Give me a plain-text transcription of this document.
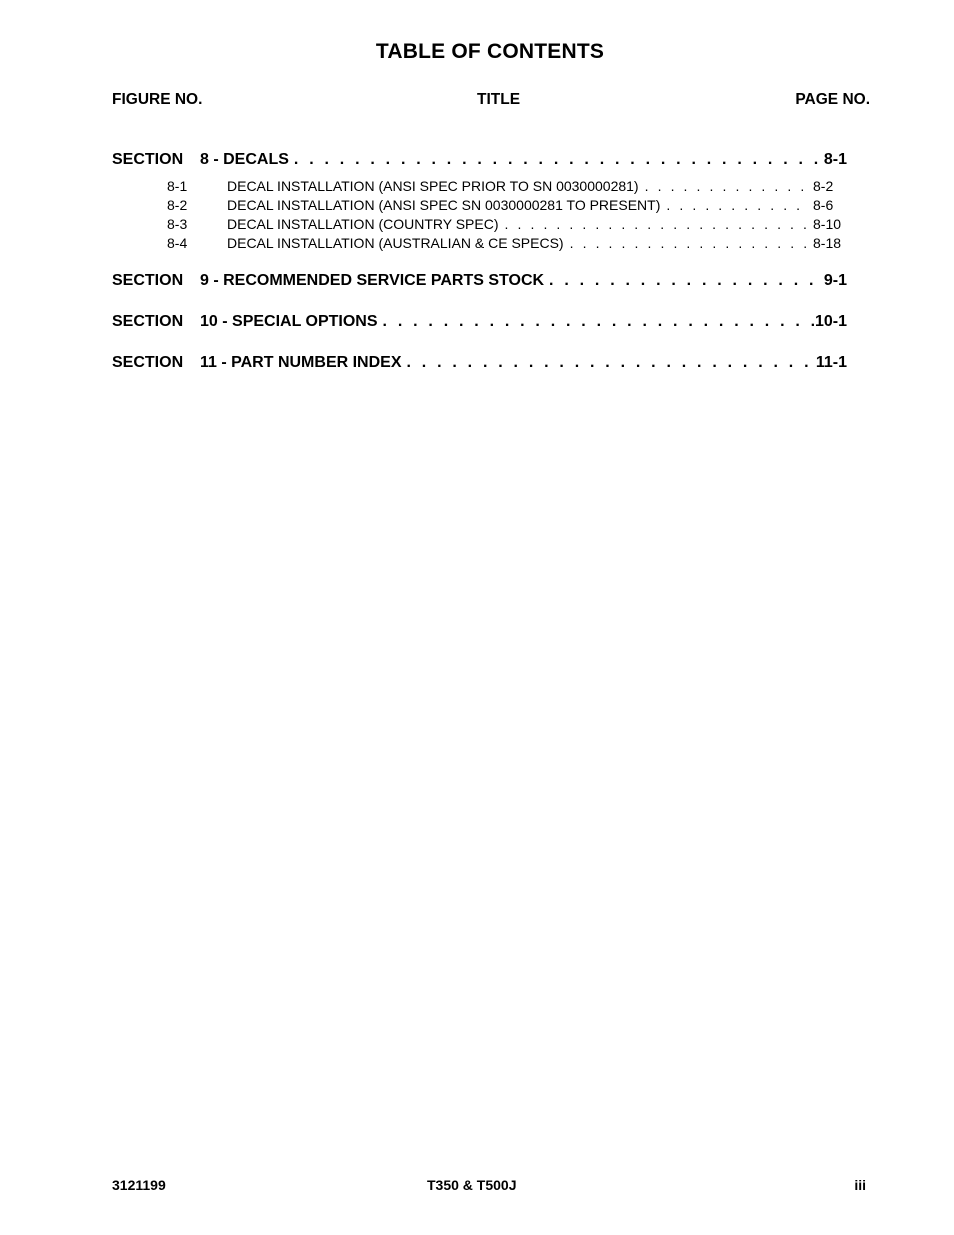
TABLE OF CONTENTS
FIGURE NO.	TITLE	PAGE NO.
SECTION	8 - DECALS . . .	8-1
8-1	DECAL INSTALLATION (ANSI SPEC PRIOR TO SN 0030000281) . . .	8-2
8-2	DECAL INSTALLATION (ANSI SPEC SN 0030000281 TO PRESENT) . . .	8-6
8-3	DECAL INSTALLATION (COUNTRY SPEC) . . .	8-10
8-4	DECAL INSTALLATION (AUSTRALIAN & CE SPECS) . . .	8-18
SECTION	9 - RECOMMENDED SERVICE PARTS STOCK . . .	9-1
SECTION	10 - SPECIAL OPTIONS . . .	10-1
SECTION	11 - PART NUMBER INDEX . . .	11-1
3121199	T350 & T500J	iii
